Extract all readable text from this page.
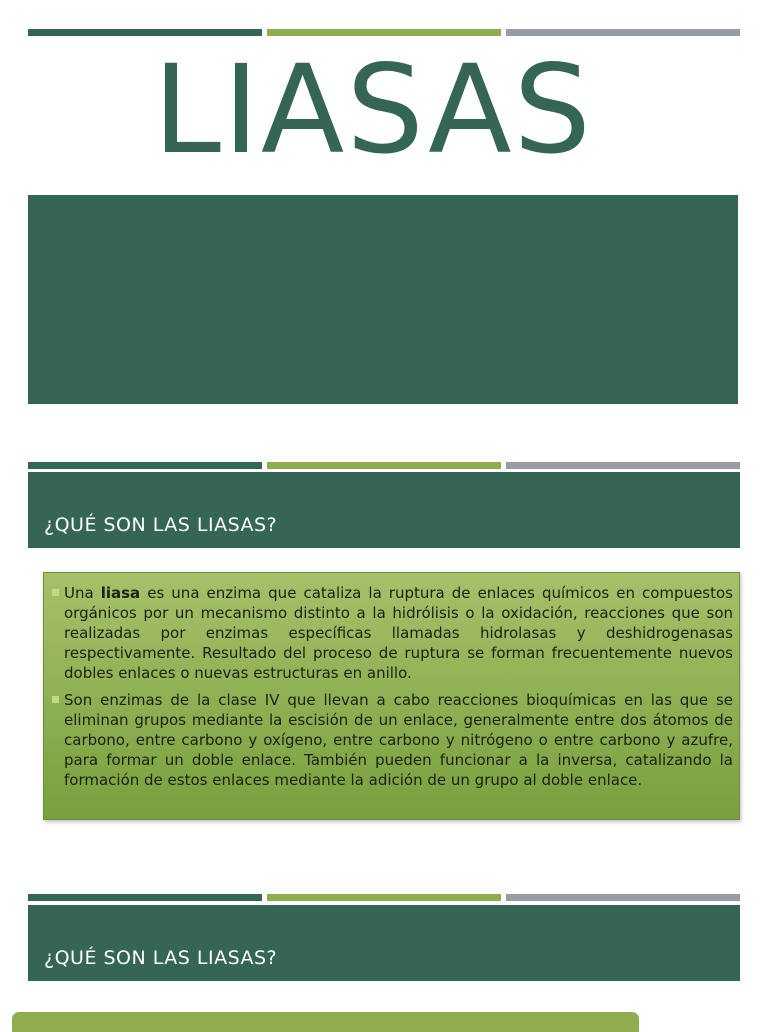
LIASAS
¿QUÉ SON LAS LIASAS?
Una liasa es una enzima que cataliza la ruptura de enlaces químicos en compuestos orgánicos por un mecanismo distinto a la hidrólisis o la oxidación, reacciones que son realizadas por enzimas específicas llamadas hidrolasas y deshidrogenasas respectivamente. Resultado del proceso de ruptura se forman frecuentemente nuevos dobles enlaces o nuevas estructuras en anillo.
Son enzimas de la clase IV que llevan a cabo reacciones bioquímicas en las que se eliminan grupos mediante la escisión de un enlace, generalmente entre dos átomos de carbono, entre carbono y oxígeno, entre carbono y nitrógeno o entre carbono y azufre, para formar un doble enlace. También pueden funcionar a la inversa, catalizando la formación de estos enlaces mediante la adición de un grupo al doble enlace.
¿QUÉ SON LAS LIASAS?
